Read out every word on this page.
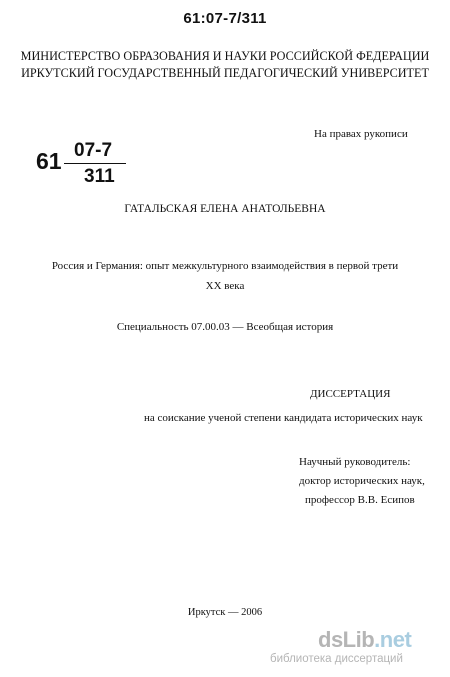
61:07-7/311
МИНИСТЕРСТВО ОБРАЗОВАНИЯ И НАУКИ РОССИЙСКОЙ ФЕДЕРАЦИИ
ИРКУТСКИЙ ГОСУДАРСТВЕННЫЙ ПЕДАГОГИЧЕСКИЙ УНИВЕРСИТЕТ
На правах рукописи
61 07-7
311
ГАТАЛЬСКАЯ ЕЛЕНА АНАТОЛЬЕВНА
Россия и Германия: опыт межкультурного взаимодействия в первой трети
XX века
Специальность 07.00.03 — Всеобщая история
ДИССЕРТАЦИЯ
на соискание ученой степени кандидата исторических наук
Научный руководитель:
доктор исторических наук,
профессор В.В. Есипов
Иркутск — 2006
dsLib.net
библиотека диссертаций
